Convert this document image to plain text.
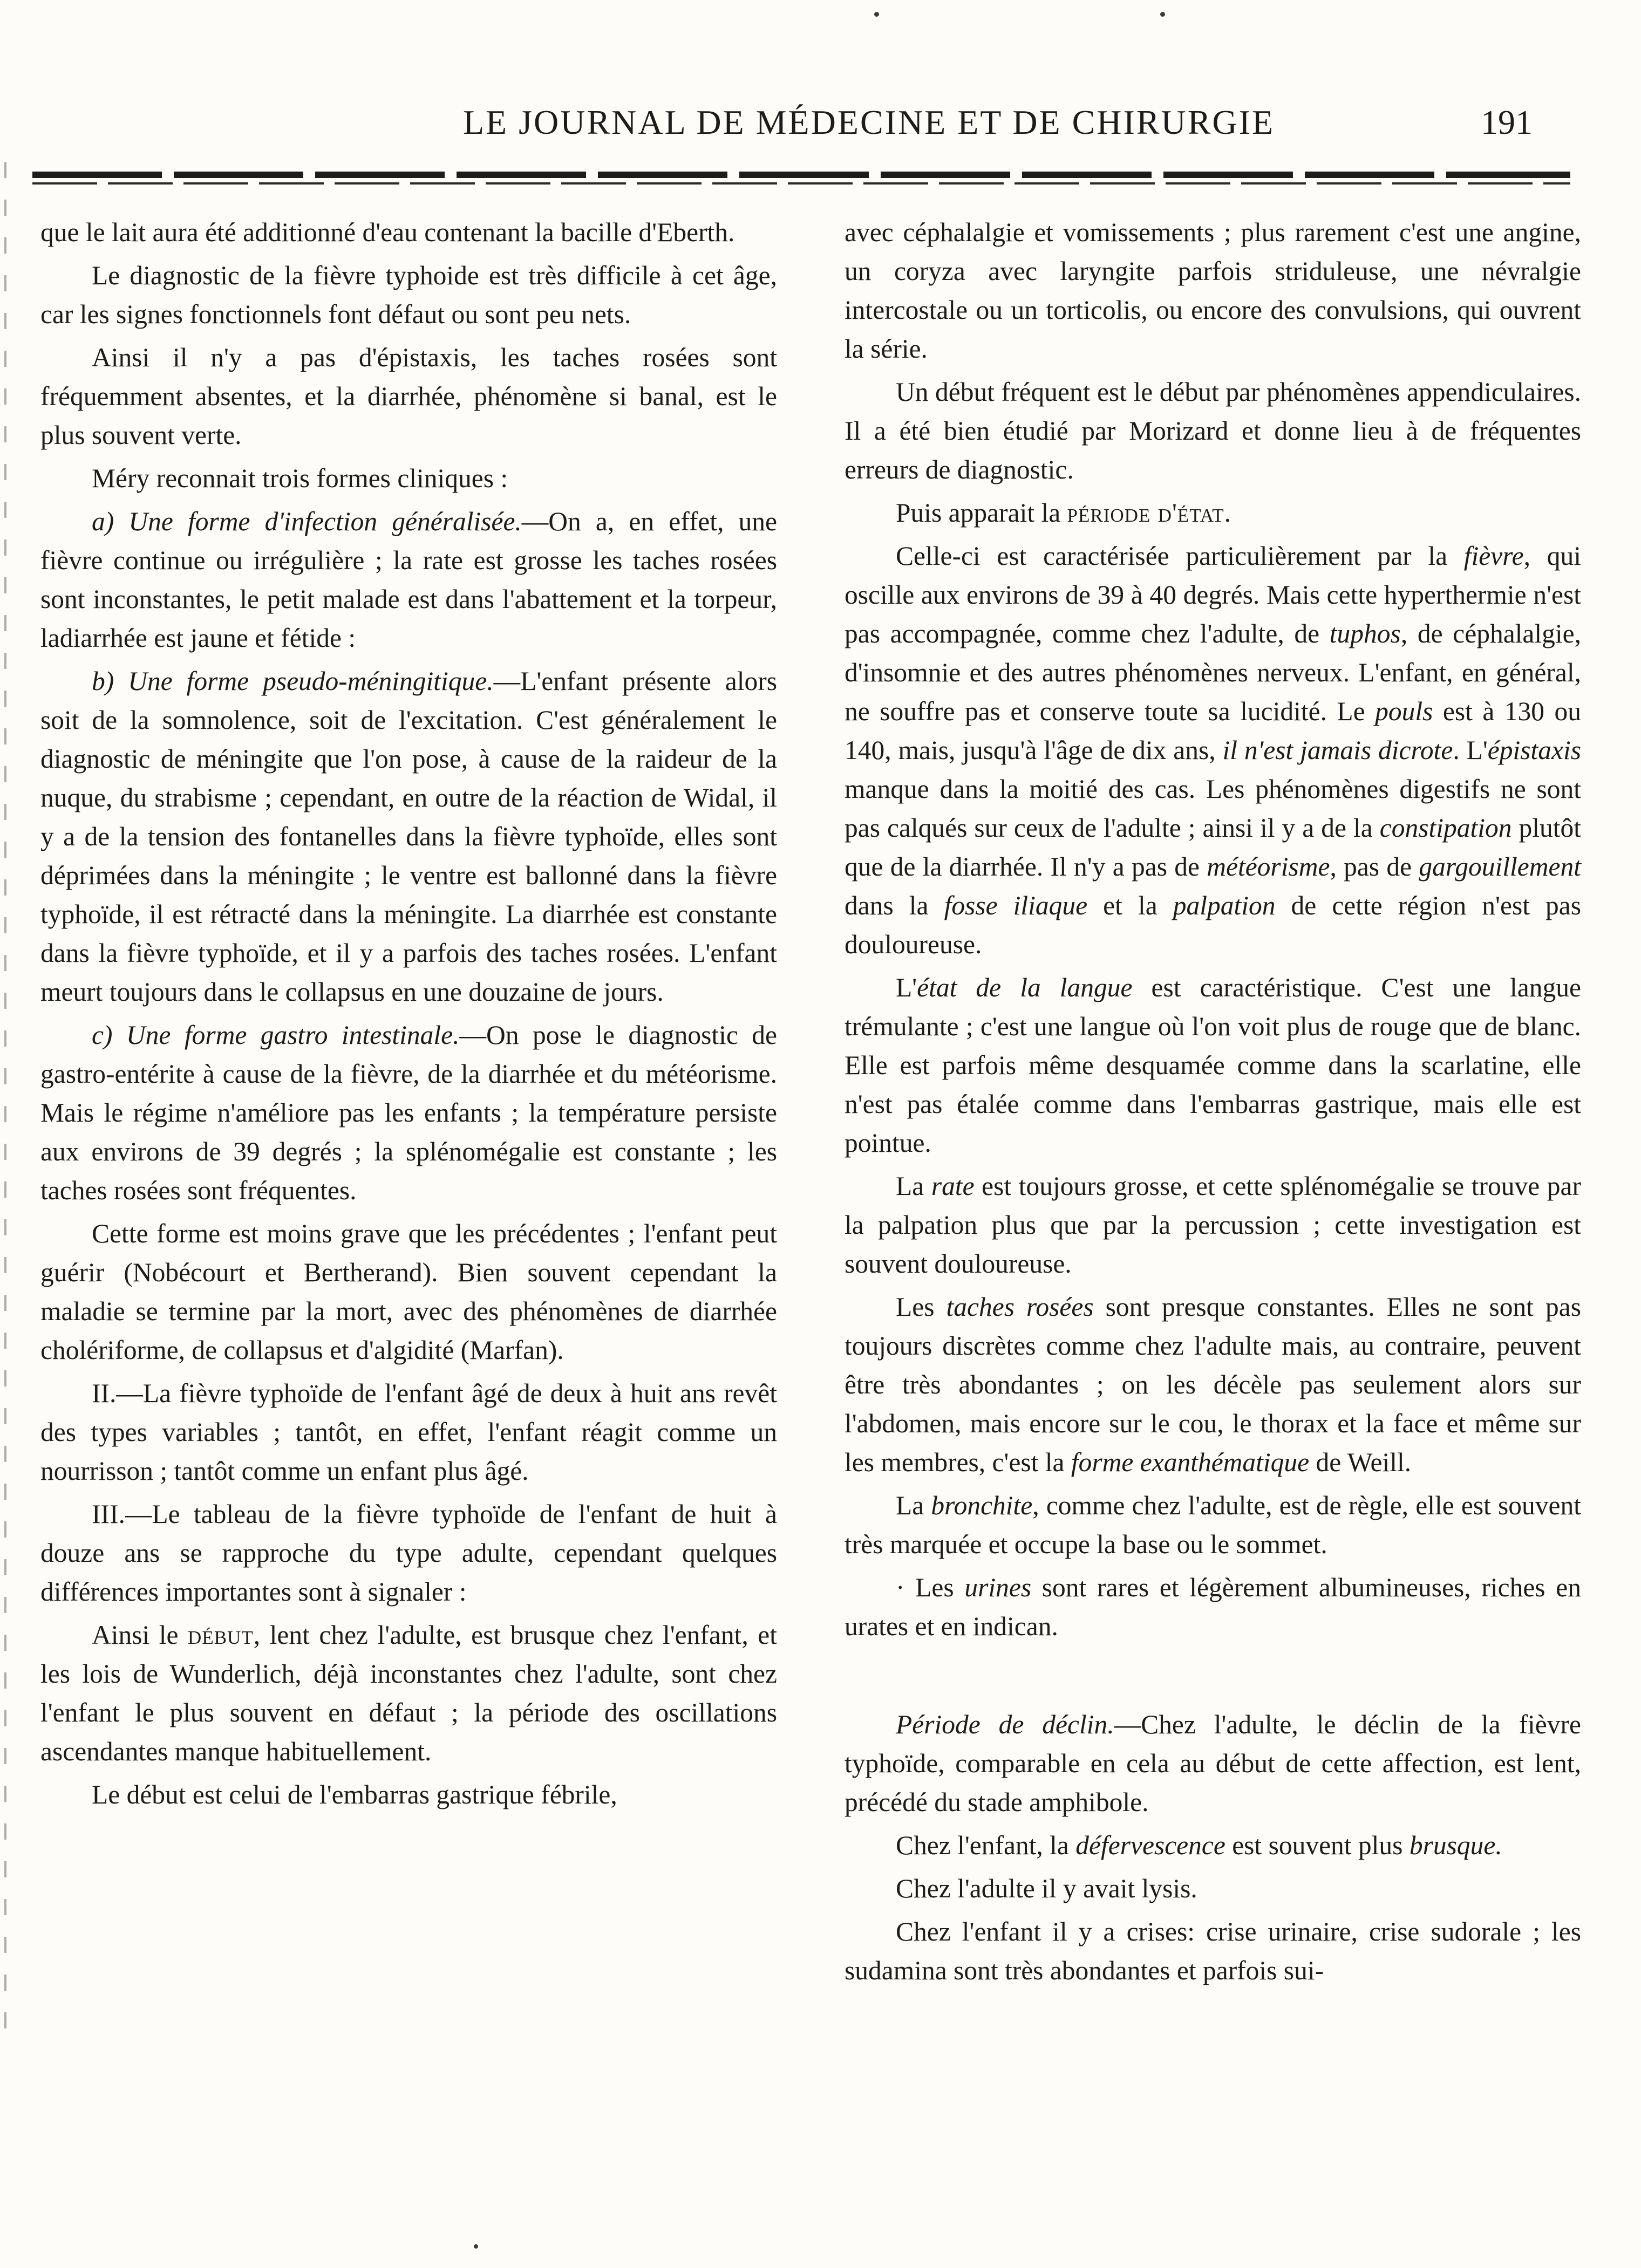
LE JOURNAL DE MÉDECINE ET DE CHIRURGIE	191

que le lait aura été additionné d'eau contenant la bacille d'Eberth.

Le diagnostic de la fièvre typhoide est très difficile à cet âge, car les signes fonctionnels font défaut ou sont peu nets.

Ainsi il n'y a pas d'épistaxis, les taches rosées sont fréquemment absentes, et la diarrhée, phénomène si banal, est le plus souvent verte.

Méry reconnait trois formes cliniques :

a) Une forme d'infection généralisée.—On a, en effet, une fièvre continue ou irrégulière ; la rate est grosse les taches rosées sont inconstantes, le petit malade est dans l'abattement et la torpeur, ladiarrhée est jaune et fétide :

b) Une forme pseudo-méningitique.—L'enfant présente alors soit de la somnolence, soit de l'excitation. C'est généralement le diagnostic de méningite que l'on pose, à cause de la raideur de la nuque, du strabisme ; cependant, en outre de la réaction de Widal, il y a de la tension des fontanelles dans la fièvre typhoïde, elles sont déprimées dans la méningite ; le ventre est ballonné dans la fièvre typhoïde, il est rétracté dans la méningite. La diarrhée est constante dans la fièvre typhoïde, et il y a parfois des taches rosées. L'enfant meurt toujours dans le collapsus en une douzaine de jours.

c) Une forme gastro intestinale.—On pose le diagnostic de gastro-entérite à cause de la fièvre, de la diarrhée et du météorisme. Mais le régime n'améliore pas les enfants ; la température persiste aux environs de 39 degrés ; la splénomégalie est constante ; les taches rosées sont fréquentes.

Cette forme est moins grave que les précédentes ; l'enfant peut guérir (Nobécourt et Bertherand). Bien souvent cependant la maladie se termine par la mort, avec des phénomènes de diarrhée cholériforme, de collapsus et d'algidité (Marfan).

II.—La fièvre typhoïde de l'enfant âgé de deux à huit ans revêt des types variables ; tantôt, en effet, l'enfant réagit comme un nourrisson ; tantôt comme un enfant plus âgé.

III.—Le tableau de la fièvre typhoïde de l'enfant de huit à douze ans se rapproche du type adulte, cependant quelques différences importantes sont à signaler :

Ainsi le début, lent chez l'adulte, est brusque chez l'enfant, et les lois de Wunderlich, déjà inconstantes chez l'adulte, sont chez l'enfant le plus souvent en défaut ; la période des oscillations ascendantes manque habituellement.

Le début est celui de l'embarras gastrique fébrile,

avec céphalalgie et vomissements ; plus rarement c'est une angine, un coryza avec laryngite parfois striduleuse, une névralgie intercostale ou un torticolis, ou encore des convulsions, qui ouvrent la série.

Un début fréquent est le début par phénomènes appendiculaires. Il a été bien étudié par Morizard et donne lieu à de fréquentes erreurs de diagnostic.

Puis apparait la période d'état.

Celle-ci est caractérisée particulièrement par la fièvre, qui oscille aux environs de 39 à 40 degrés. Mais cette hyperthermie n'est pas accompagnée, comme chez l'adulte, de tuphos, de céphalalgie, d'insomnie et des autres phénomènes nerveux. L'enfant, en général, ne souffre pas et conserve toute sa lucidité. Le pouls est à 130 ou 140, mais, jusqu'à l'âge de dix ans, il n'est jamais dicrote. L'épistaxis manque dans la moitié des cas. Les phénomènes digestifs ne sont pas calqués sur ceux de l'adulte ; ainsi il y a de la constipation plutôt que de la diarrhée. Il n'y a pas de météorisme, pas de gargouillement dans la fosse iliaque et la palpation de cette région n'est pas douloureuse.

L'état de la langue est caractéristique. C'est une langue trémulante ; c'est une langue où l'on voit plus de rouge que de blanc. Elle est parfois même desquamée comme dans la scarlatine, elle n'est pas étalée comme dans l'embarras gastrique, mais elle est pointue.

La rate est toujours grosse, et cette splénomégalie se trouve par la palpation plus que par la percussion ; cette investigation est souvent douloureuse.

Les taches rosées sont presque constantes. Elles ne sont pas toujours discrètes comme chez l'adulte mais, au contraire, peuvent être très abondantes ; on les décèle pas seulement alors sur l'abdomen, mais encore sur le cou, le thorax et la face et même sur les membres, c'est la forme exanthématique de Weill.

La bronchite, comme chez l'adulte, est de règle, elle est souvent très marquée et occupe la base ou le sommet.

· Les urines sont rares et légèrement albumineuses, riches en urates et en indican.

Période de déclin.—Chez l'adulte, le déclin de la fièvre typhoïde, comparable en cela au début de cette affection, est lent, précédé du stade amphibole.

Chez l'enfant, la défervescence est souvent plus brusque.

Chez l'adulte il y avait lysis.

Chez l'enfant il y a crises: crise urinaire, crise sudorale ; les sudamina sont très abondantes et parfois sui-
